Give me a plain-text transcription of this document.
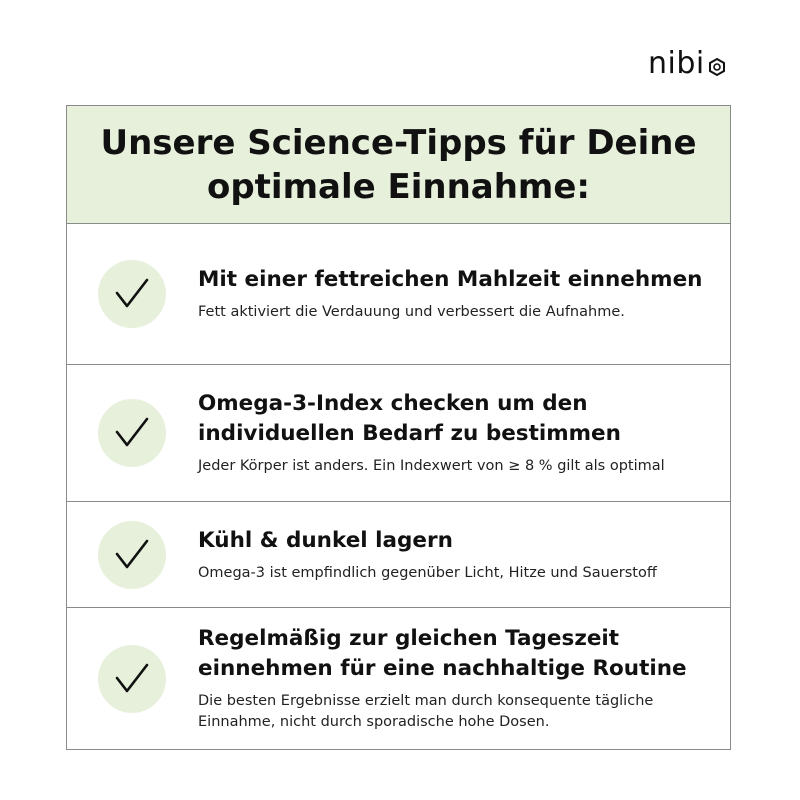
nibi
Unsere Science-Tipps für Deine optimale Einnahme:

Mit einer fettreichen Mahlzeit einnehmen

Fett aktiviert die Verdauung und verbessert die Aufnahme.

Omega-3-Index checken um den individuellen Bedarf zu bestimmen

Jeder Körper ist anders. Ein Indexwert von ≥ 8 % gilt als optimal

Kühl & dunkel lagern

Omega-3 ist empfindlich gegenüber Licht, Hitze und Sauerstoff

Regelmäßig zur gleichen Tageszeit einnehmen für eine nachhaltige Routine

Die besten Ergebnisse erzielt man durch konsequente tägliche Einnahme, nicht durch sporadische hohe Dosen.
